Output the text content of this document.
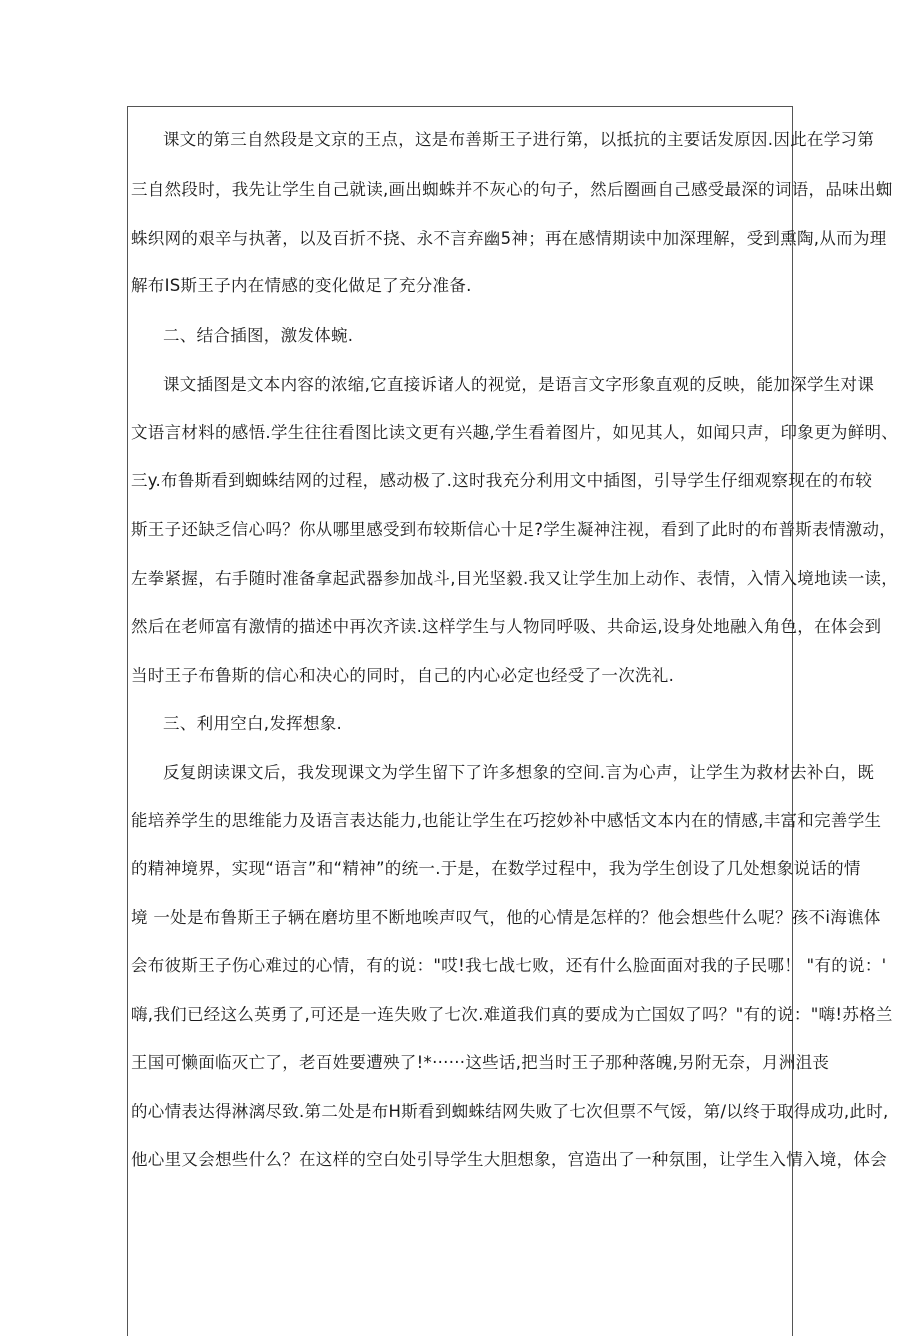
课文的第三自然段是文京的王点，这是布善斯王子进行第，以抵抗的主要话发原因.因此在学习第
三自然段时，我先让学生自己就读,画出蜘蛛并不灰心的句子，然后圈画自己感受最深的词语，品味出蜘
蛛织网的艰辛与执著，以及百折不挠、永不言弃幽5神；再在感情期读中加深理解，受到熏陶,从而为理
解布IS斯王子内在情感的变化做足了充分准备.
二、结合插图，激发体蜿.
课文插图是文本内容的浓缩,它直接诉诸人的视觉，是语言文字形象直观的反映，能加深学生对课
文语言材料的感悟.学生往往看图比读文更有兴趣,学生看着图片，如见其人，如闻只声，印象更为鲜明、
三y.布鲁斯看到蜘蛛结网的过程，感动极了.这时我充分利用文中插图，引导学生仔细观察现在的布较
斯王子还缺乏信心吗？你从哪里感受到布较斯信心十足?学生凝神注视，看到了此时的布普斯表情激动，
左拳紧握，右手随时准备拿起武器参加战斗,目光坚毅.我又让学生加上动作、表情，入情入境地读一读，
然后在老师富有激情的描述中再次齐读.这样学生与人物同呼吸、共命运,设身处地融入角色，在体会到
当时王子布鲁斯的信心和决心的同时，自己的内心必定也经受了一次洗礼.
三、利用空白,发挥想象.
反复朗读课文后，我发现课文为学生留下了许多想象的空间.言为心声，让学生为救材去补白，既
能培养学生的思维能力及语言表达能力,也能让学生在巧挖妙补中感恬文本内在的情感,丰富和完善学生
的精神境界，实现“语言”和“精神”的统一.于是，在数学过程中，我为学生创设了几处想象说话的情
境 一处是布鲁斯王子辆在磨坊里不断地唉声叹气，他的心情是怎样的？他会想些什么呢？孩不i海谯体
会布彼斯王子伤心难过的心情，有的说："哎!我七战七败，还有什么脸面面对我的子民哪！ "有的说：'
嗨,我们已经这么英勇了,可还是一连失败了七次.难道我们真的要成为亡国奴了吗？"有的说："嗨!苏格兰
王国可懒面临灭亡了，老百姓要遭殃了!*······这些话,把当时王子那种落魄,另附无奈，月洲沮丧
的心情表达得淋漓尽致.第二处是布H斯看到蜘蛛结网失败了七次但票不气馁，第/以终于取得成功,此时,
他心里又会想些什么？在这样的空白处引导学生大胆想象，宫造出了一种氛围，让学生入情入境，体会
